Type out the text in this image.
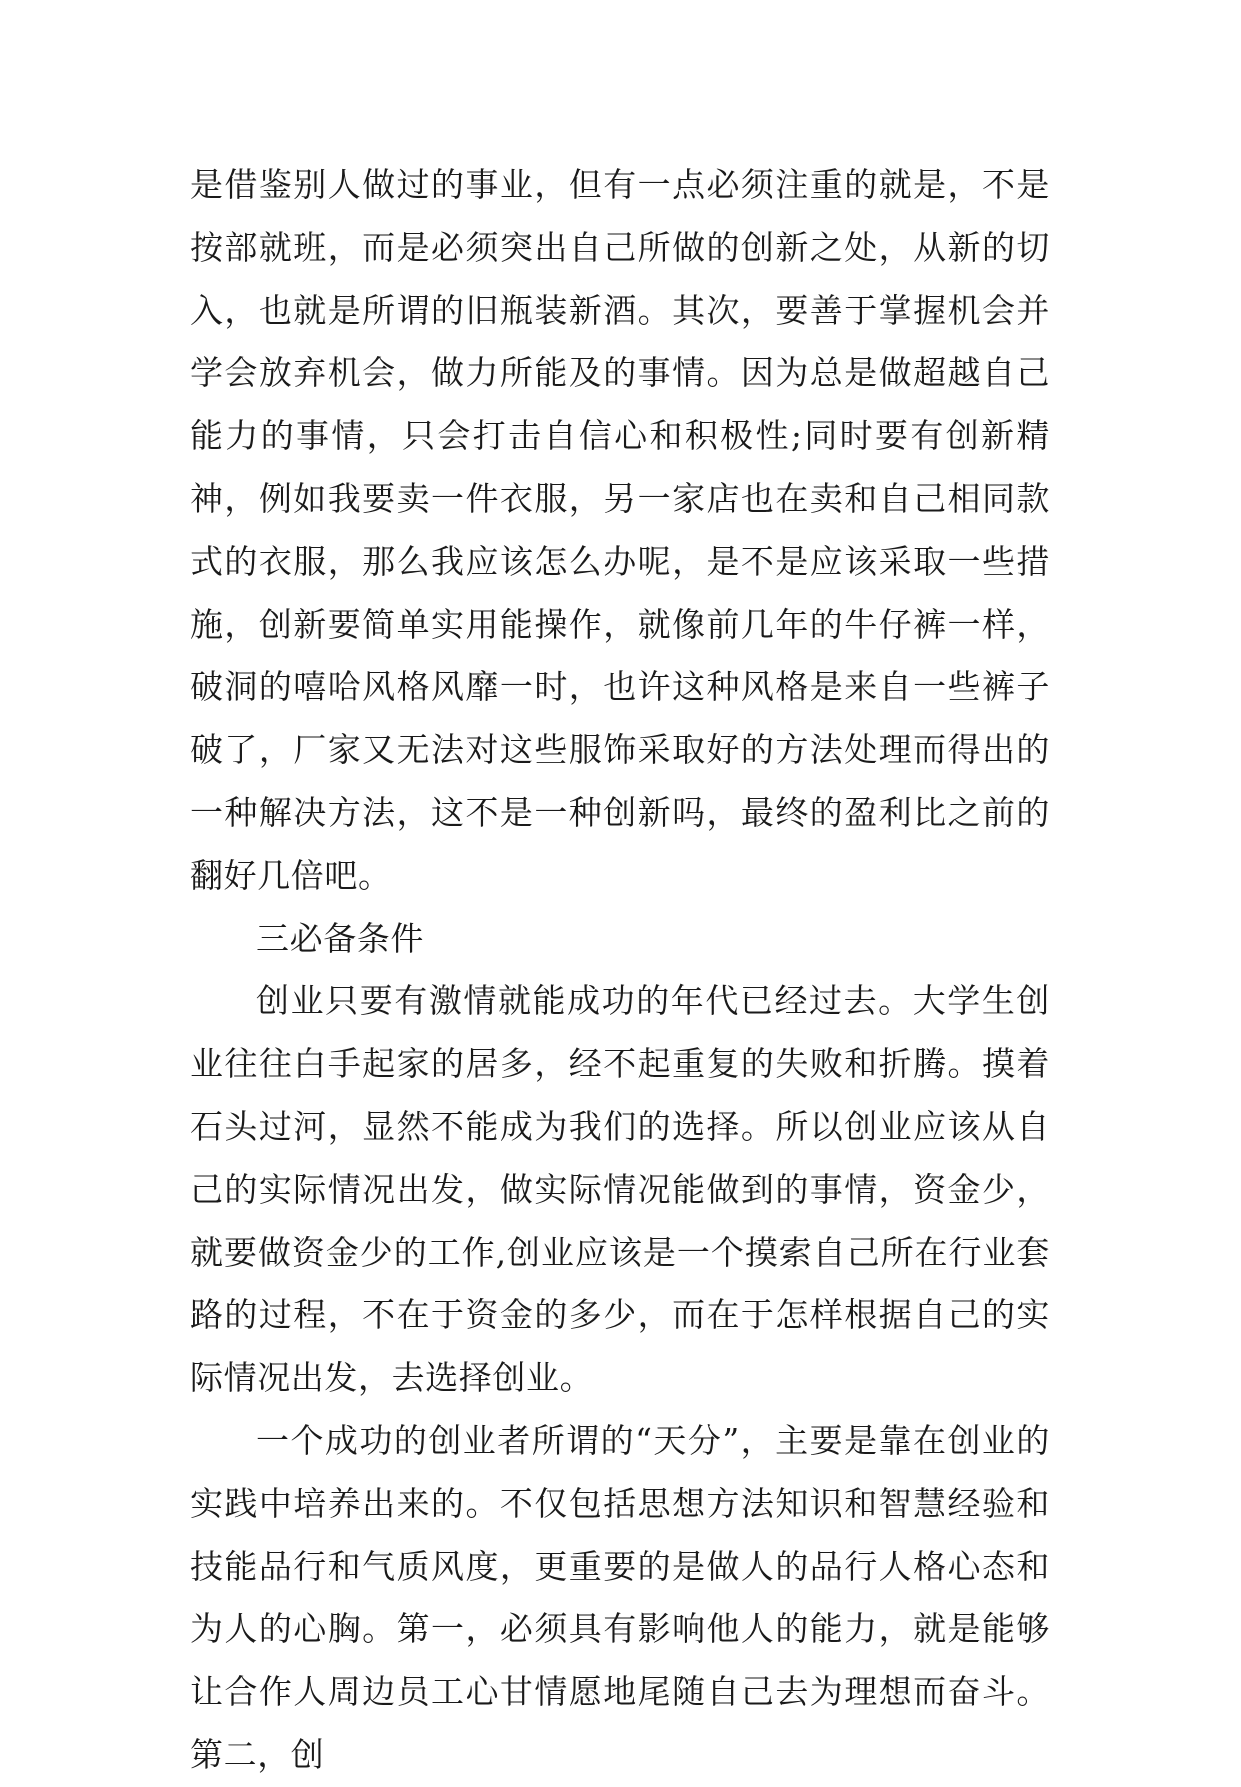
是借鉴别人做过的事业，但有一点必须注重的就是，不是按部就班，而是必须突出自己所做的创新之处，从新的切入，也就是所谓的旧瓶装新酒。其次，要善于掌握机会并学会放弃机会，做力所能及的事情。因为总是做超越自己能力的事情，只会打击自信心和积极性;同时要有创新精神，例如我要卖一件衣服，另一家店也在卖和自己相同款式的衣服，那么我应该怎么办呢，是不是应该采取一些措施，创新要简单实用能操作，就像前几年的牛仔裤一样，破洞的嘻哈风格风靡一时，也许这种风格是来自一些裤子破了，厂家又无法对这些服饰采取好的方法处理而得出的一种解决方法，这不是一种创新吗，最终的盈利比之前的翻好几倍吧。

三必备条件

创业只要有激情就能成功的年代已经过去。大学生创业往往白手起家的居多，经不起重复的失败和折腾。摸着石头过河，显然不能成为我们的选择。所以创业应该从自己的实际情况出发，做实际情况能做到的事情，资金少，就要做资金少的工作,创业应该是一个摸索自己所在行业套路的过程，不在于资金的多少，而在于怎样根据自己的实际情况出发，去选择创业。

一个成功的创业者所谓的“天分”，主要是靠在创业的实践中培养出来的。不仅包括思想方法知识和智慧经验和技能品行和气质风度，更重要的是做人的品行人格心态和为人的心胸。第一，必须具有影响他人的能力，就是能够让合作人周边员工心甘情愿地尾随自己去为理想而奋斗。第二，创
